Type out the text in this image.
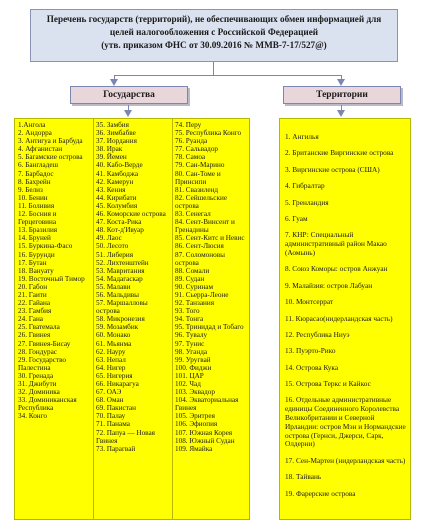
Перечень государств (территорий), не обеспечивающих обмен информацией для
целей налогообложения с Российской Федерацией
(утв. приказом ФНС от 30.09.2016 № ММВ-7-17/527@)
Государства	Территории
1.Ангола
2. Андорра
3. Антигуа и Барбуда
4. Афганистан
5. Багамские острова
6. Бангладеш
7. Барбадос
8. Бахрейн
9. Белиз
10. Бенин
11. Боливия
12. Босния и Герцеговина
13. Бразилия
14. Бруней
15. Буркина-Фасо
16. Бурунди
17. Бутан
18. Вануату
19. Восточный Тимор
20. Габон
21. Гаити
22. Гайана
23. Гамбия
24. Гана
25. Гватемала
26. Гвинея
27. Гвинея-Бисау
28. Гондурас
29. Государство Палестина
30. Гренада
31. Джибути
32. Доминика
33. Доминиканская Республика
34. Конго
35. Замбия
36. Зимбабве
37. Иордания
38. Ирак
39. Йемен
40. Кабо-Верде
41. Камбоджа
42. Камерун
43. Кения
44. Кирибати
45. Колумбия
46. Коморские острова
47. Коста-Рика
48. Кот-д'Ивуар
49. Лаос
50. Лесото
51. Либерия
52. Лихтенштейн
53. Мавритания
54. Мадагаскар
55. Малави
56. Мальдивы
57. Маршалловы острова
58. Микронезия
59. Мозамбик
60. Монако
61. Мьянма
62. Науру
63. Непал
64. Нигер
65. Нигерия
66. Никарагуа
67. ОАЭ
68. Оман
69. Пакистан
70. Палау
71. Панама
72. Папуа — Новая Гвинея
73. Парагвай
74. Перу
75. Республика Конго
76. Руанда
77. Сальвадор
78. Самоа
79. Сан-Марино
80. Сан-Томе и Принсипи
81. Свазиленд
82. Сейшельские острова
83. Сенегал
84. Сент-Винсент и Гренадины
85. Сент-Китс и Невис
86. Сент-Люсия
87. Соломоновы острова
88. Сомали
89. Судан
90. Суринам
91. Сьерра-Леоне
92. Танзания
93. Того
94. Тонга
95. Тринидад и Тобаго
96. Тувалу
97. Тунис
98. Уганда
99. Уругвай
100. Фиджи
101. ЦАР
102. Чад
103. Эквадор
104. Экваториальная Гвинея
105. Эритрея
106. Эфиопия
107. Южная Корея
108. Южный Судан
109. Ямайка
1. Ангилья
2. Британские Виргинские острова
3. Виргинские острова (США)
4. Гибралтар
5. Гренландия
6. Гуам
7. КНР: Специальный административный район Макао (Аомынь)
8. Союз Коморы: остров Анжуан
9. Малайзия: остров Лабуан
10. Монтсеррат
11. Кюрасао(нидерландская часть)
12. Республика Ниуэ
13. Пуэрто-Рико
14. Острова Кука
15. Острова Теркс и Кайкос
16. Отдельные административные единицы Соединенного Королевства Великобритании и Северной Ирландии: остров Мэн и Нормандские острова (Гернси, Джерси, Сарк, Олдерни)
17. Сен-Мартен (нидерландская часть)
18. Тайвань
19. Фарерские острова
